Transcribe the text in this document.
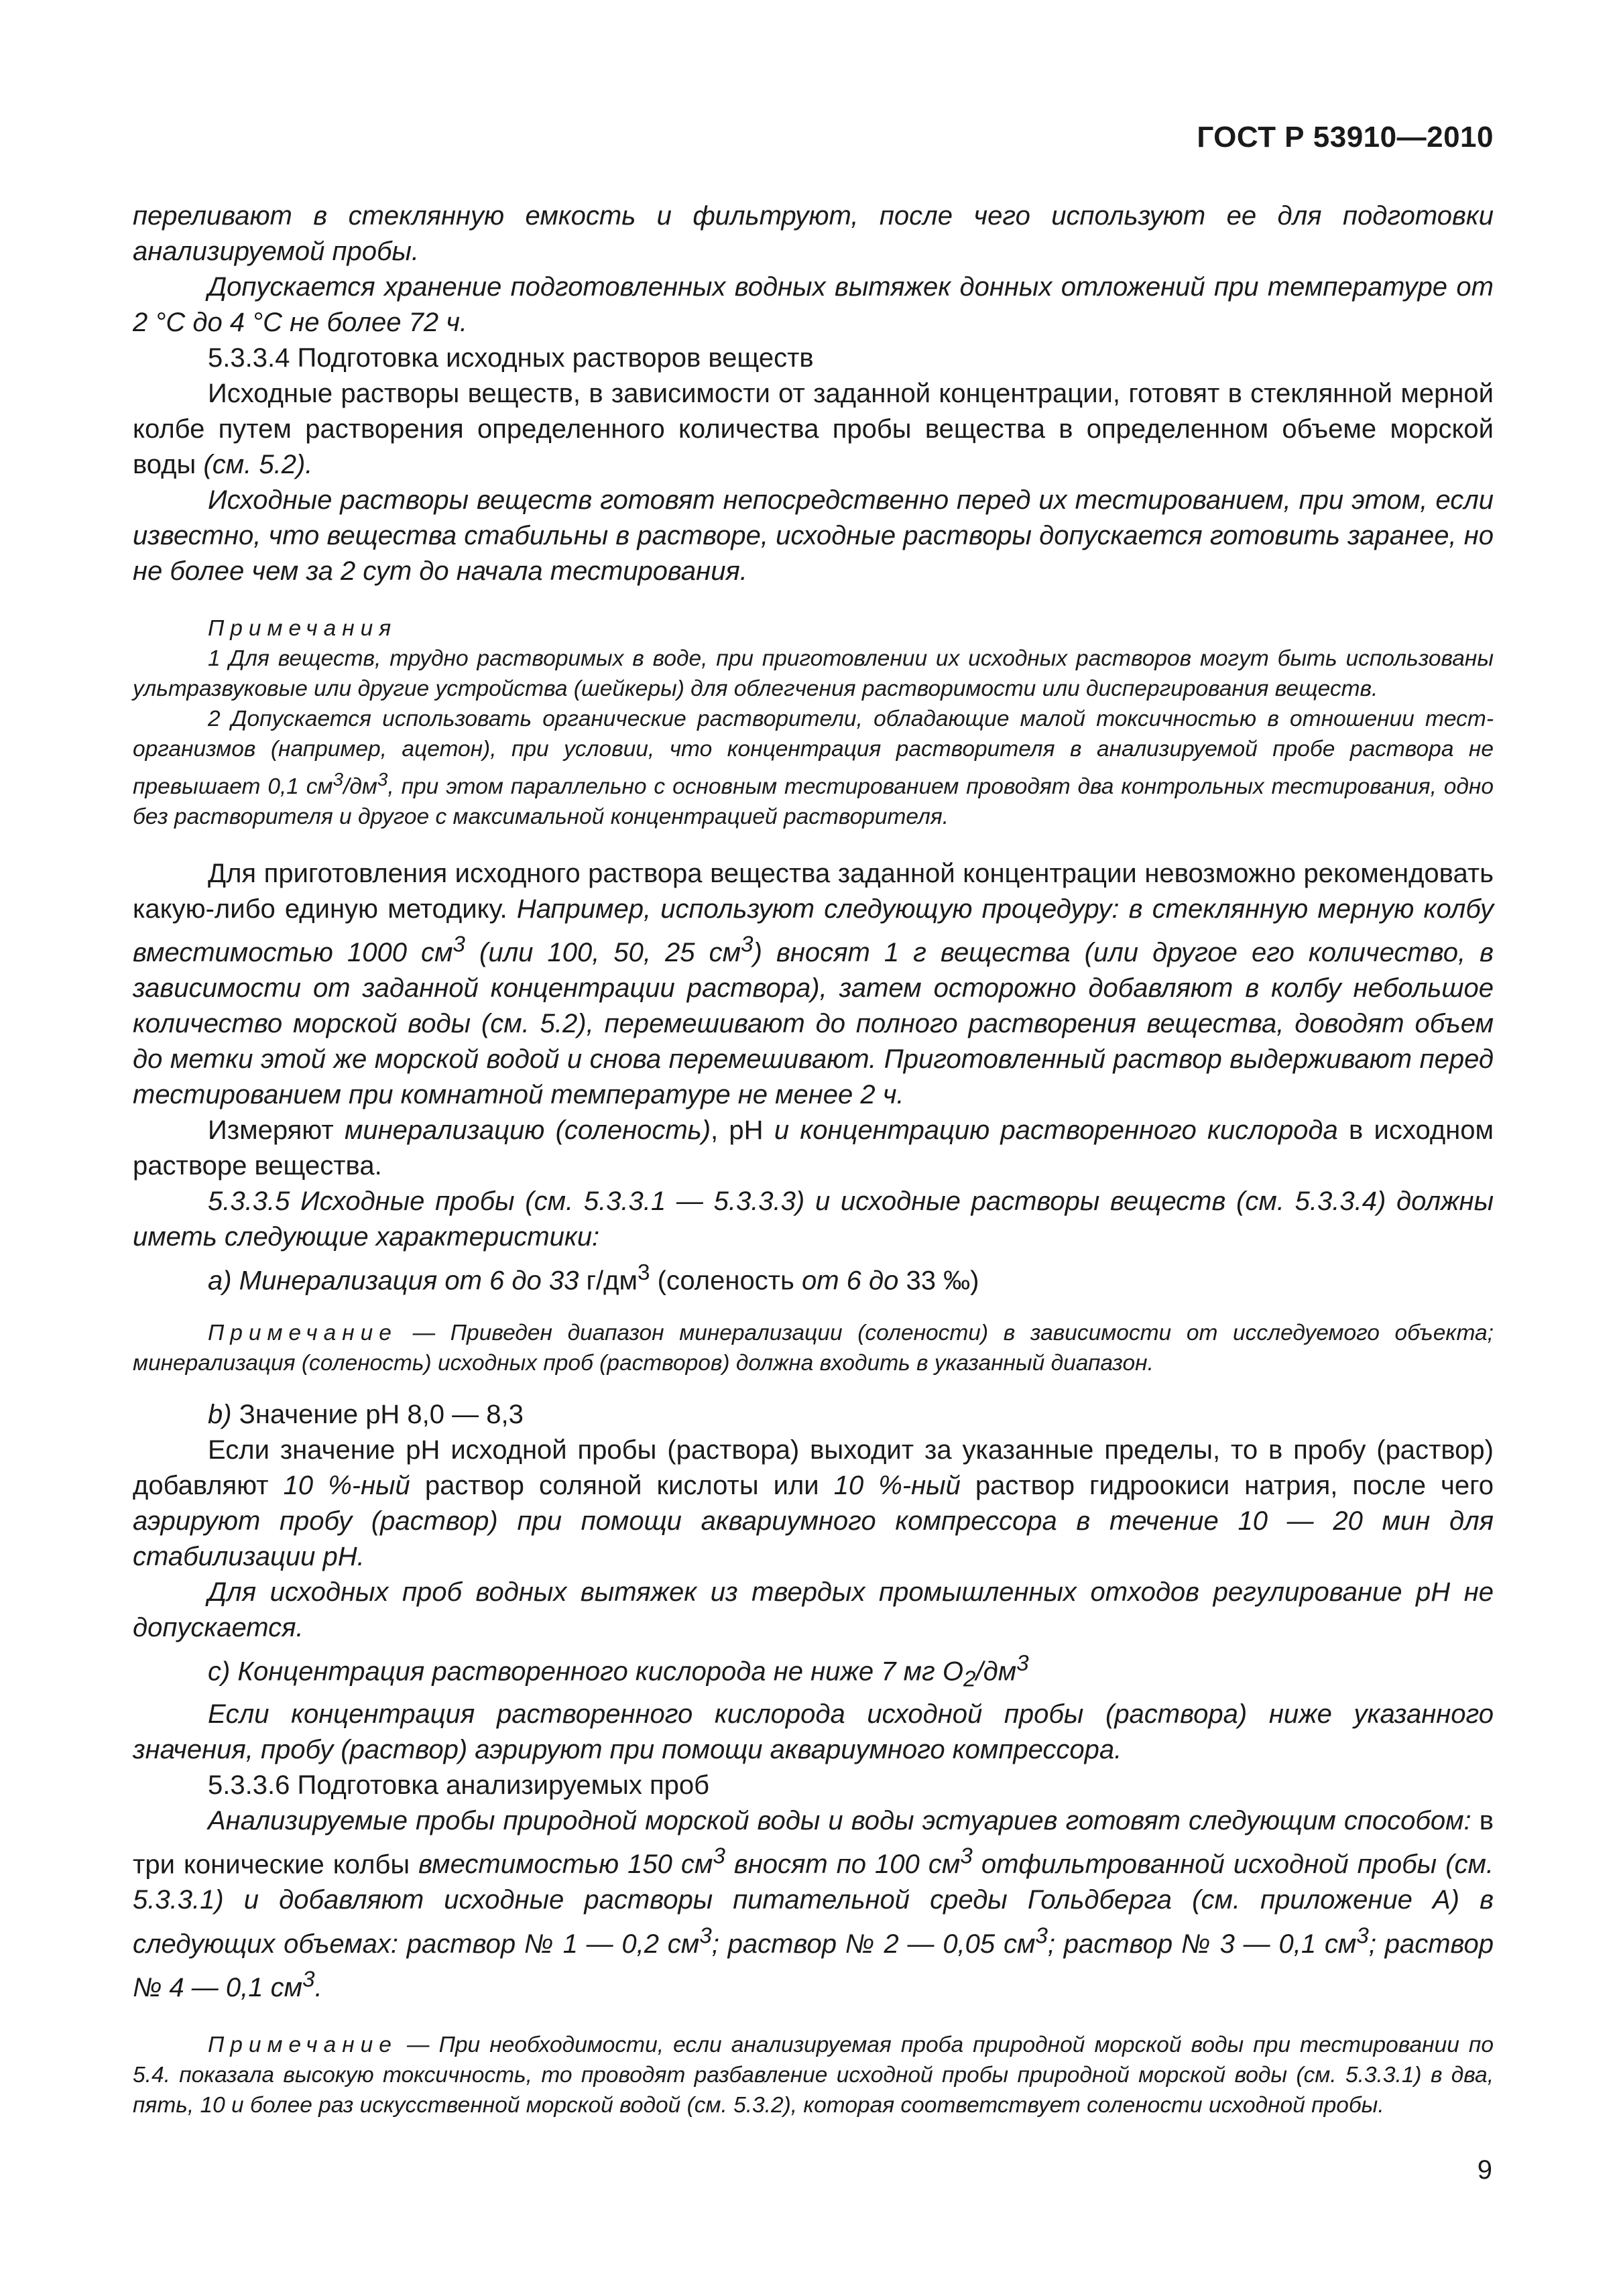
ГОСТ Р 53910—2010

переливают в стеклянную емкость и фильтруют, после чего используют ее для подготовки анализируемой пробы.

Допускается хранение подготовленных водных вытяжек донных отложений при температуре от 2 °С до 4 °С не более 72 ч.

5.3.3.4 Подготовка исходных растворов веществ

Исходные растворы веществ, в зависимости от заданной концентрации, готовят в стеклянной мерной колбе путем растворения определенного количества пробы вещества в определенном объеме морской воды (см. 5.2).

Исходные растворы веществ готовят непосредственно перед их тестированием, при этом, если известно, что вещества стабильны в растворе, исходные растворы допускается готовить заранее, но не более чем за 2 сут до начала тестирования.

Примечания

1 Для веществ, трудно растворимых в воде, при приготовлении их исходных растворов могут быть использованы ультразвуковые или другие устройства (шейкеры) для облегчения растворимости или диспергирования веществ.

2 Допускается использовать органические растворители, обладающие малой токсичностью в отношении тест-организмов (например, ацетон), при условии, что концентрация растворителя в анализируемой пробе раствора не превышает 0,1 $см^3/дм^3$, при этом параллельно с основным тестированием проводят два контрольных тестирования, одно без растворителя и другое с максимальной концентрацией растворителя.

Для приготовления исходного раствора вещества заданной концентрации невозможно рекомендовать какую-либо единую методику. Например, используют следующую процедуру: в стеклянную мерную колбу вместимостью 1000 $см^3$ (или 100, 50, 25 $см^3$) вносят 1 г вещества (или другое его количество, в зависимости от заданной концентрации раствора), затем осторожно добавляют в колбу небольшое количество морской воды (см. 5.2), перемешивают до полного растворения вещества, доводят объем до метки этой же морской водой и снова перемешивают. Приготовленный раствор выдерживают перед тестированием при комнатной температуре не менее 2 ч.

Измеряют минерализацию (соленость), pH и концентрацию растворенного кислорода в исходном растворе вещества.

5.3.3.5 Исходные пробы (см. 5.3.3.1 — 5.3.3.3) и исходные растворы веществ (см. 5.3.3.4) должны иметь следующие характеристики:

а) Минерализация от 6 до 33 $г/дм^3$ (соленость от 6 до 33 ‰)

Примечание — Приведен диапазон минерализации (солености) в зависимости от исследуемого объекта; минерализация (соленость) исходных проб (растворов) должна входить в указанный диапазон.

b) Значение pH 8,0 — 8,3

Если значение pH исходной пробы (раствора) выходит за указанные пределы, то в пробу (раствор) добавляют 10 %-ный раствор соляной кислоты или 10 %-ный раствор гидроокиси натрия, после чего аэрируют пробу (раствор) при помощи аквариумного компрессора в течение 10 — 20 мин для стабилизации pH.

Для исходных проб водных вытяжек из твердых промышленных отходов регулирование pH не допускается.

с) Концентрация растворенного кислорода не ниже 7 мг $O_2/дм^3$

Если концентрация растворенного кислорода исходной пробы (раствора) ниже указанного значения, пробу (раствор) аэрируют при помощи аквариумного компрессора.

5.3.3.6 Подготовка анализируемых проб

Анализируемые пробы природной морской воды и воды эстуариев готовят следующим способом: в три конические колбы вместимостью 150 $см^3$ вносят по 100 $см^3$ отфильтрованной исходной пробы (см. 5.3.3.1) и добавляют исходные растворы питательной среды Гольдберга (см. приложение А) в следующих объемах: раствор № 1 — 0,2 $см^3$; раствор № 2 — 0,05 $см^3$; раствор № 3 — 0,1 $см^3$; раствор № 4 — 0,1 $см^3$.

Примечание — При необходимости, если анализируемая проба природной морской воды при тестировании по 5.4. показала высокую токсичность, то проводят разбавление исходной пробы природной морской воды (см. 5.3.3.1) в два, пять, 10 и более раз искусственной морской водой (см. 5.3.2), которая соответствует солености исходной пробы.

9
